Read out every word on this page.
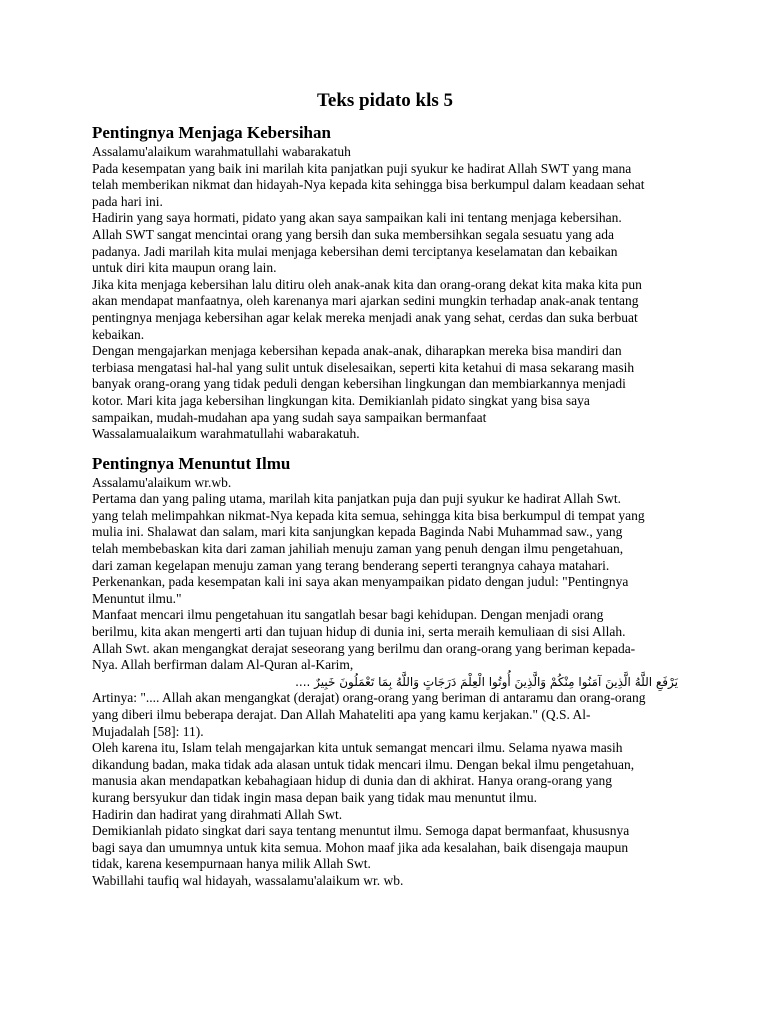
Teks pidato kls 5
Pentingnya Menjaga Kebersihan

Assalamu'alaikum warahmatullahi wabarakatuh

Pada kesempatan yang baik ini marilah kita panjatkan puji syukur ke hadirat Allah SWT yang mana
telah memberikan nikmat dan hidayah-Nya kepada kita sehingga bisa berkumpul dalam keadaan sehat
pada hari ini.

Hadirin yang saya hormati, pidato yang akan saya sampaikan kali ini tentang menjaga kebersihan.
Allah SWT sangat mencintai orang yang bersih dan suka membersihkan segala sesuatu yang ada
padanya. Jadi marilah kita mulai menjaga kebersihan demi terciptanya keselamatan dan kebaikan
untuk diri kita maupun orang lain.

Jika kita menjaga kebersihan lalu ditiru oleh anak-anak kita dan orang-orang dekat kita maka kita pun
akan mendapat manfaatnya, oleh karenanya mari ajarkan sedini mungkin terhadap anak-anak tentang
pentingnya menjaga kebersihan agar kelak mereka menjadi anak yang sehat, cerdas dan suka berbuat
kebaikan.

Dengan mengajarkan menjaga kebersihan kepada anak-anak, diharapkan mereka bisa mandiri dan
terbiasa mengatasi hal-hal yang sulit untuk diselesaikan, seperti kita ketahui di masa sekarang masih
banyak orang-orang yang tidak peduli dengan kebersihan lingkungan dan membiarkannya menjadi
kotor. Mari kita jaga kebersihan lingkungan kita. Demikianlah pidato singkat yang bisa saya
sampaikan, mudah-mudahan apa yang sudah saya sampaikan bermanfaat

Wassalamualaikum warahmatullahi wabarakatuh.

Pentingnya Menuntut Ilmu

Assalamu'alaikum wr.wb.

Pertama dan yang paling utama, marilah kita panjatkan puja dan puji syukur ke hadirat Allah Swt.
yang telah melimpahkan nikmat-Nya kepada kita semua, sehingga kita bisa berkumpul di tempat yang
mulia ini. Shalawat dan salam, mari kita sanjungkan kepada Baginda Nabi Muhammad saw., yang
telah membebaskan kita dari zaman jahiliah menuju zaman yang penuh dengan ilmu pengetahuan,
dari zaman kegelapan menuju zaman yang terang benderang seperti terangnya cahaya matahari.

Perkenankan, pada kesempatan kali ini saya akan menyampaikan pidato dengan judul: "Pentingnya
Menuntut ilmu."

Manfaat mencari ilmu pengetahuan itu sangatlah besar bagi kehidupan. Dengan menjadi orang
berilmu, kita akan mengerti arti dan tujuan hidup di dunia ini, serta meraih kemuliaan di sisi Allah.
Allah Swt. akan mengangkat derajat seseorang yang berilmu dan orang-orang yang beriman kepada-
Nya. Allah berfirman dalam Al-Quran al-Karim,

يَرْفَعِ اللَّهُ الَّذِينَ آمَنُوا مِنْكُمْ وَالَّذِينَ أُوتُوا الْعِلْمَ دَرَجَاتٍ وَاللَّهُ بِمَا تَعْمَلُونَ خَبِيرٌ ....

Artinya: ".... Allah akan mengangkat (derajat) orang-orang yang beriman di antaramu dan orang-orang
yang diberi ilmu beberapa derajat. Dan Allah Mahateliti apa yang kamu kerjakan." (Q.S. Al-
Mujadalah [58]: 11).

Oleh karena itu, Islam telah mengajarkan kita untuk semangat mencari ilmu. Selama nyawa masih
dikandung badan, maka tidak ada alasan untuk tidak mencari ilmu. Dengan bekal ilmu pengetahuan,
manusia akan mendapatkan kebahagiaan hidup di dunia dan di akhirat. Hanya orang-orang yang
kurang bersyukur dan tidak ingin masa depan baik yang tidak mau menuntut ilmu.

Hadirin dan hadirat yang dirahmati Allah Swt.

Demikianlah pidato singkat dari saya tentang menuntut ilmu. Semoga dapat bermanfaat, khususnya
bagi saya dan umumnya untuk kita semua. Mohon maaf jika ada kesalahan, baik disengaja maupun
tidak, karena kesempurnaan hanya milik Allah Swt.

Wabillahi taufiq wal hidayah, wassalamu'alaikum wr. wb.
